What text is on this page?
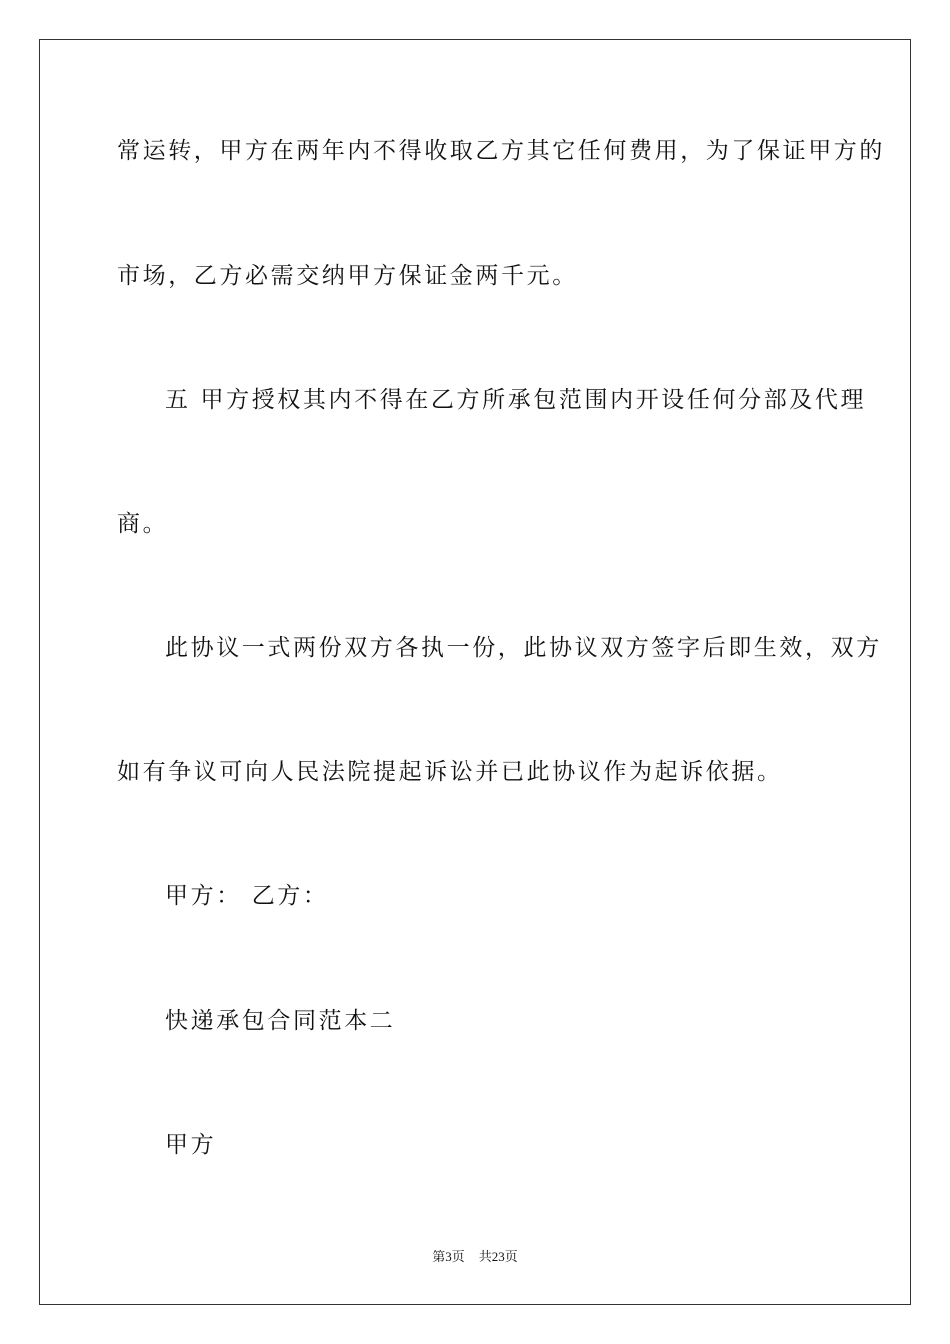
常运转，甲方在两年内不得收取乙方其它任何费用，为了保证甲方的
市场，乙方必需交纳甲方保证金两千元。
五 甲方授权其内不得在乙方所承包范围内开设任何分部及代理
商。
此协议一式两份双方各执一份，此协议双方签字后即生效，双方
如有争议可向人民法院提起诉讼并已此协议作为起诉依据。
甲方： 乙方：
快递承包合同范本二
甲方
第3页 共23页
